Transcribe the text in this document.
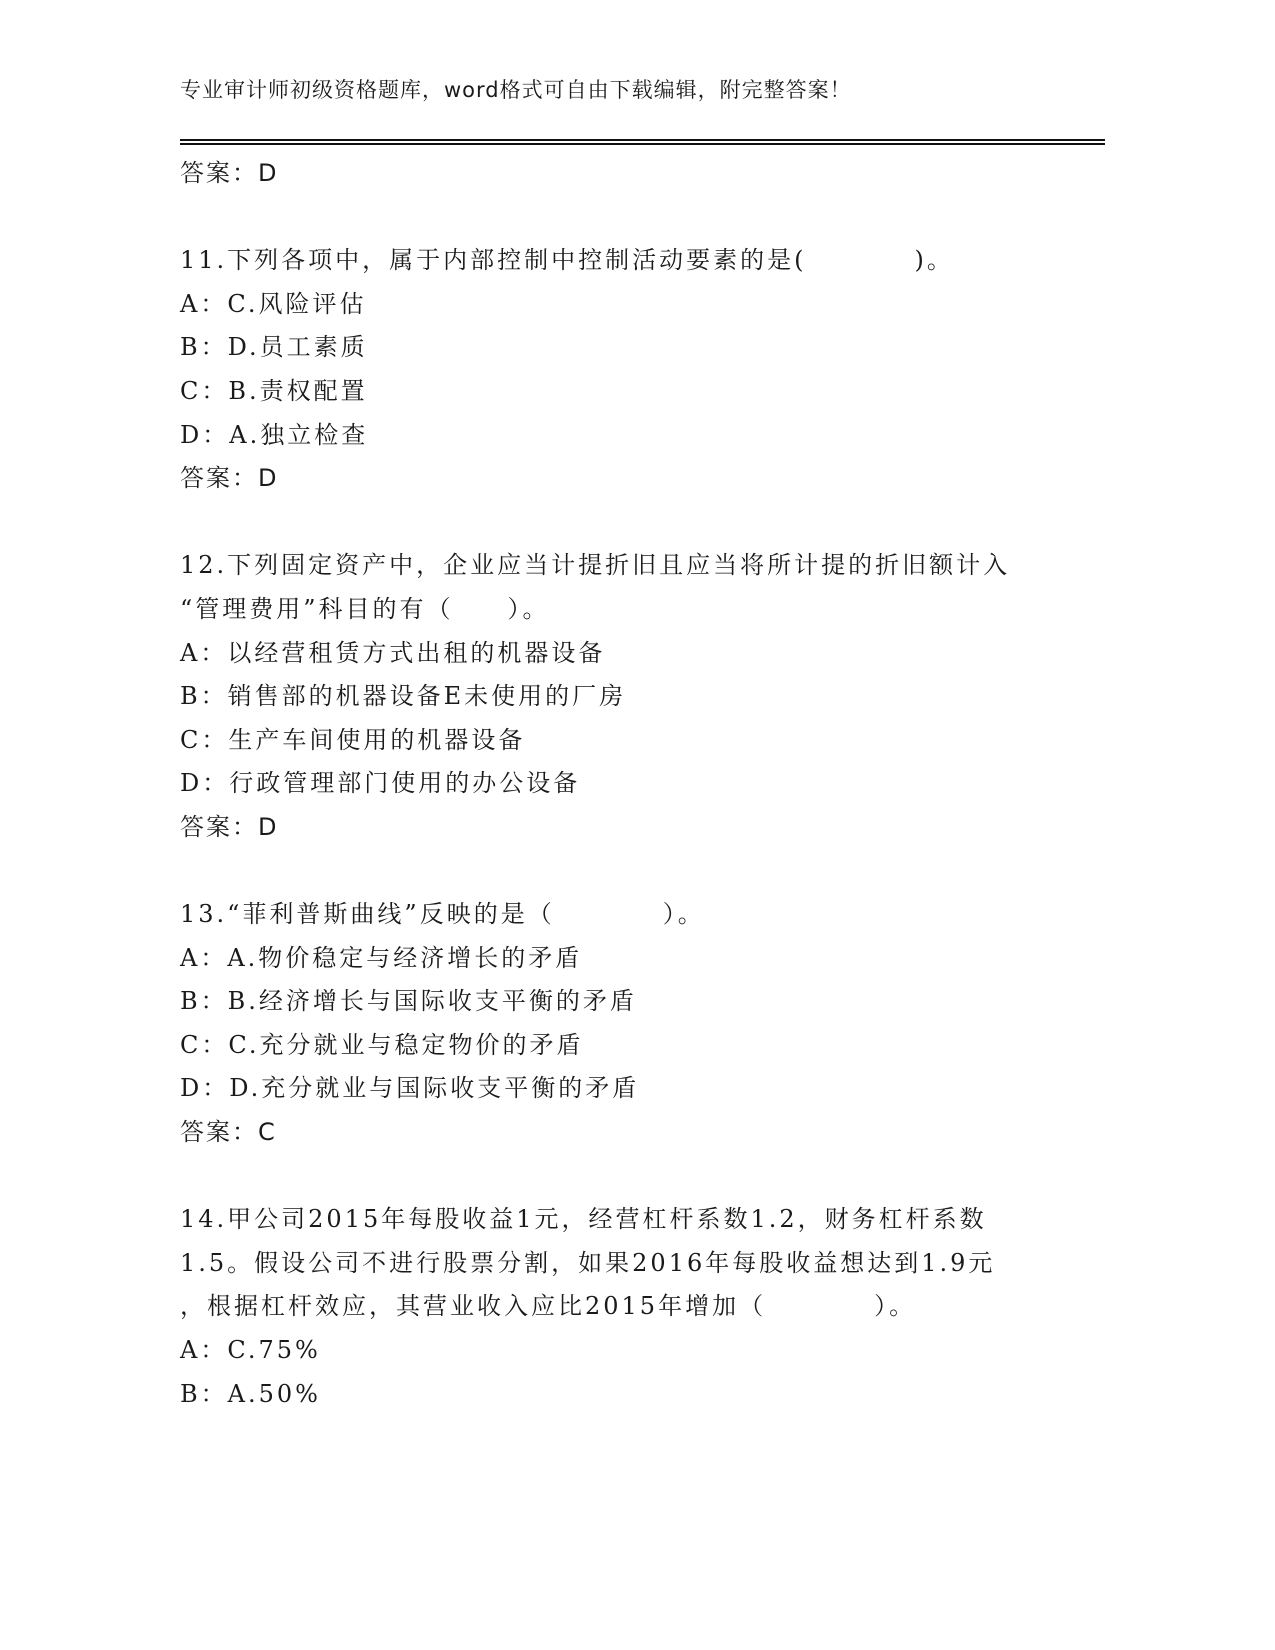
专业审计师初级资格题库，word格式可自由下载编辑，附完整答案！
答案：D
11.下列各项中，属于内部控制中控制活动要素的是(　　　　)。
A：C.风险评估
B：D.员工素质
C：B.责权配置
D：A.独立检查
答案：D
12.下列固定资产中，企业应当计提折旧且应当将所计提的折旧额计入
“管理费用”科目的有（　　）。
A：以经营租赁方式出租的机器设备
B：销售部的机器设备E未使用的厂房
C：生产车间使用的机器设备
D：行政管理部门使用的办公设备
答案：D
13.“菲利普斯曲线”反映的是（　　　　）。
A：A.物价稳定与经济增长的矛盾
B：B.经济增长与国际收支平衡的矛盾
C：C.充分就业与稳定物价的矛盾
D：D.充分就业与国际收支平衡的矛盾
答案：C
14.甲公司2015年每股收益1元，经营杠杆系数1.2，财务杠杆系数
1.5。假设公司不进行股票分割，如果2016年每股收益想达到1.9元
，根据杠杆效应，其营业收入应比2015年增加（　　　　）。
A：C.75%
B：A.50%
